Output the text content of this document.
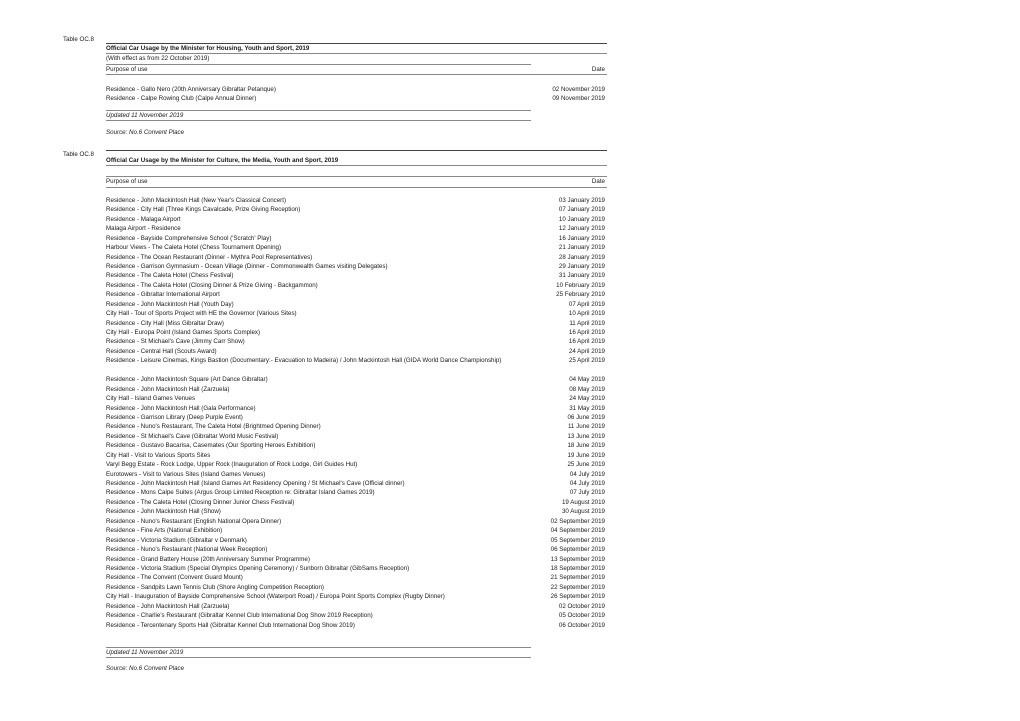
Table OC.8
Official Car Usage by the Minister for Housing, Youth and Sport, 2019
(With effect as from 22 October 2019)
Purpose of use	Date
Residence - Gallo Nero (20th Anniversary Gibraltar Petanque)	02 November 2019
Residence - Calpe Rowing Club (Calpe Annual Dinner)	09 November 2019
Updated 11 November 2019
Source: No.6 Convent Place
Table OC.8
Official Car Usage by the Minister for Culture, the Media, Youth and Sport, 2019
Purpose of use	Date
Residence - John Mackintosh Hall (New Year's Classical Concert)	03 January 2019
Residence - City Hall (Three Kings Cavalcade, Prize Giving Reception)	07 January 2019
Residence - Malaga Airport	10 January 2019
Malaga Airport - Residence	12 January 2019
Residence - Bayside Comprehensive School ('Scratch' Play)	16 January 2019
Harbour Views - The Caleta Hotel (Chess Tournament Opening)	21 January 2019
Residence - The Ocean Restaurant (Dinner - Mythra Pool Representatives)	28 January 2019
Residence - Garrison Gymnasium - Ocean Village (Dinner - Commonwealth Games visiting Delegates)	29 January 2019
Residence - The Caleta Hotel (Chess Festival)	31 January 2019
Residence - The Caleta Hotel (Closing Dinner & Prize Giving - Backgammon)	10 February 2019
Residence - Gibraltar International Airport	25 February 2019
Residence - John Mackintosh Hall (Youth Day)	07 April 2019
City Hall - Tour of Sports Project with HE the Governor (Various Sites)	10 April 2019
Residence - City Hall (Miss Gibraltar Draw)	11 April 2019
City Hall - Europa Point (Island Games Sports Complex)	16 April 2019
Residence - St Michael's Cave (Jimmy Carr Show)	16 April 2019
Residence - Central Hall (Scouts Award)	24 April 2019
Residence - Leisure Cinemas, Kings Bastion (Documentary:- Evacuation to Madeira) / John Mackintosh Hall (GIDA World Dance Championship)	25 April 2019
Residence - John Mackintosh Square (Art Dance Gibraltar)	04 May 2019
Residence - John Mackintosh Hall (Zarzuela)	08 May 2019
City Hall - Island Games Venues	24 May 2019
Residence - John Mackintosh Hall (Gala Performance)	31 May 2019
Residence - Garrison Library (Deep Purple Event)	06 June 2019
Residence - Nuno's Restaurant, The Caleta Hotel (Brightmed Opening Dinner)	11 June 2019
Residence - St Michael's Cave (Gibraltar World Music Festival)	13 June 2019
Residence - Gustavo Bacarisa, Casemates (Our Sporting Heroes Exhibition)	18 June 2019
City Hall - Visit to Various Sports Sites	19 June 2019
Varyl Begg Estate - Rock Lodge, Upper Rock (Inauguration of Rock Lodge, Girl Guides Hut)	25 June 2019
Eurotowers - Visit to Various Sites (Island Games Venues)	04 July 2019
Residence - John Mackintosh Hall (Island Games Art Residency Opening / St Michael's Cave (Official dinner)	04 July 2019
Residence - Mons Calpe Suites (Argus Group Limited Reception re: Gibraltar Island Games 2019)	07 July 2019
Residence - The Caleta Hotel (Closing Dinner Junior Chess Festival)	19 August 2019
Residence - John Mackintosh Hall (Show)	30 August 2019
Residence - Nuno's Restaurant (English National Opera Dinner)	02 September 2019
Residence - Fine Arts (National Exhibition)	04 September 2019
Residence - Victoria Stadium (Gibraltar v Denmark)	05 September 2019
Residence - Nuno's Restaurant (National Week Reception)	06 September 2019
Residence - Grand Battery House (20th Anniversary Summer Programme)	13 September 2019
Residence - Victoria Stadium (Special Olympics Opening Ceremony) / Sunborn Gibraltar (GibSams Reception)	18 September 2019
Residence - The Convent (Convent Guard Mount)	21 September 2019
Residence - Sandpits Lawn Tennis Club (Shore Angling Competition Reception)	22 September 2019
City Hall - Inauguration of Bayside Comprehensive School (Waterport Road) / Europa Point Sports Complex (Rugby Dinner)	26 September 2019
Residence - John Mackintosh Hall (Zarzuela)	02 October 2019
Residence - Charlie's Restaurant (Gibraltar Kennel Club International Dog Show 2019 Reception)	05 October 2019
Residence - Tercentenary Sports Hall (Gibraltar Kennel Club International Dog Show 2019)	06 October 2019
Updated 11 November 2019
Source: No.6 Convent Place
